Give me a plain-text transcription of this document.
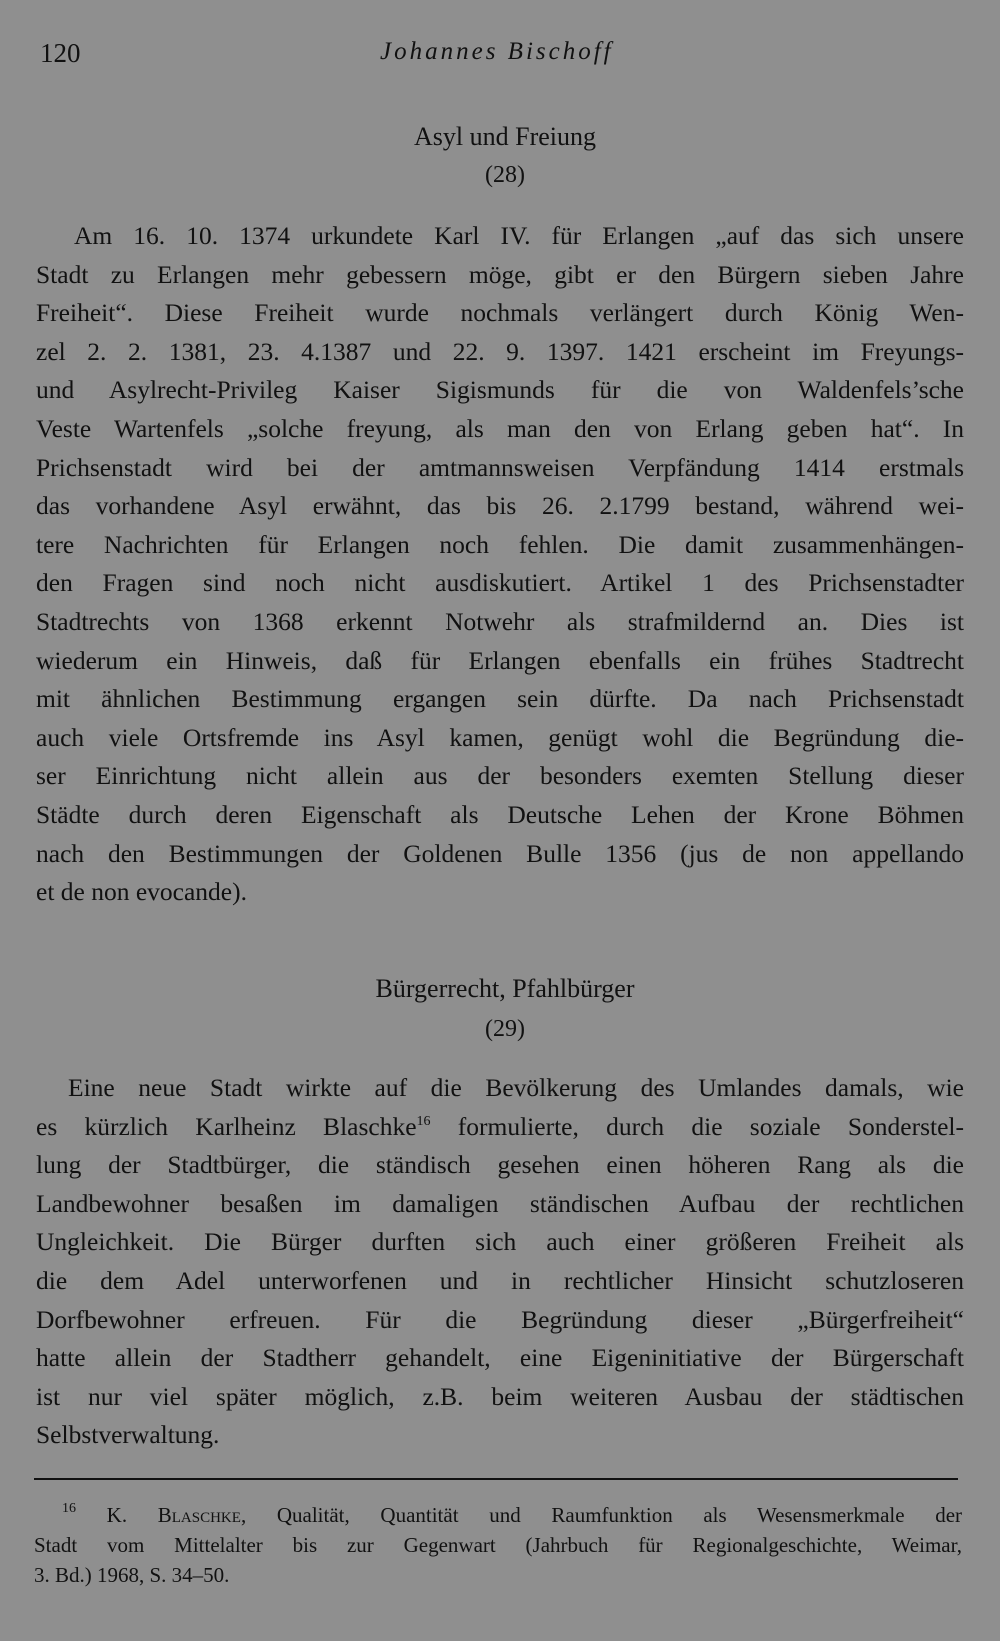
120	Johannes Bischoff
Asyl und Freiung
(28)
Am 16. 10. 1374 urkundete Karl IV. für Erlangen „auf das sich unsere
Stadt zu Erlangen mehr gebessern möge, gibt er den Bürgern sieben Jahre
Freiheit“. Diese Freiheit wurde nochmals verlängert durch König Wen-
zel 2. 2. 1381, 23. 4.1387 und 22. 9. 1397. 1421 erscheint im Freyungs-
und Asylrecht-Privileg Kaiser Sigismunds für die von Waldenfels’sche
Veste Wartenfels „solche freyung, als man den von Erlang geben hat“. In
Prichsenstadt wird bei der amtmannsweisen Verpfändung 1414 erstmals
das vorhandene Asyl erwähnt, das bis 26. 2.1799 bestand, während wei-
tere Nachrichten für Erlangen noch fehlen. Die damit zusammenhängen-
den Fragen sind noch nicht ausdiskutiert. Artikel 1 des Prichsenstadter
Stadtrechts von 1368 erkennt Notwehr als strafmildernd an. Dies ist
wiederum ein Hinweis, daß für Erlangen ebenfalls ein frühes Stadtrecht
mit ähnlichen Bestimmung ergangen sein dürfte. Da nach Prichsenstadt
auch viele Ortsfremde ins Asyl kamen, genügt wohl die Begründung die-
ser Einrichtung nicht allein aus der besonders exemten Stellung dieser
Städte durch deren Eigenschaft als Deutsche Lehen der Krone Böhmen
nach den Bestimmungen der Goldenen Bulle 1356 (jus de non appellando
et de non evocande).
Bürgerrecht, Pfahlbürger
(29)
Eine neue Stadt wirkte auf die Bevölkerung des Umlandes damals, wie
es kürzlich Karlheinz Blaschke$^{16}$ formulierte, durch die soziale Sonderstel-
lung der Stadtbürger, die ständisch gesehen einen höheren Rang als die
Landbewohner besaßen im damaligen ständischen Aufbau der rechtlichen
Ungleichkeit. Die Bürger durften sich auch einer größeren Freiheit als
die dem Adel unterworfenen und in rechtlicher Hinsicht schutzloseren
Dorfbewohner erfreuen. Für die Begründung dieser „Bürgerfreiheit“
hatte allein der Stadtherr gehandelt, eine Eigeninitiative der Bürgerschaft
ist nur viel später möglich, z.B. beim weiteren Ausbau der städtischen
Selbstverwaltung.
$^{16}$ K. Blaschke, Qualität, Quantität und Raumfunktion als Wesensmerkmale der
Stadt vom Mittelalter bis zur Gegenwart (Jahrbuch für Regionalgeschichte, Weimar,
3. Bd.) 1968, S. 34–50.
